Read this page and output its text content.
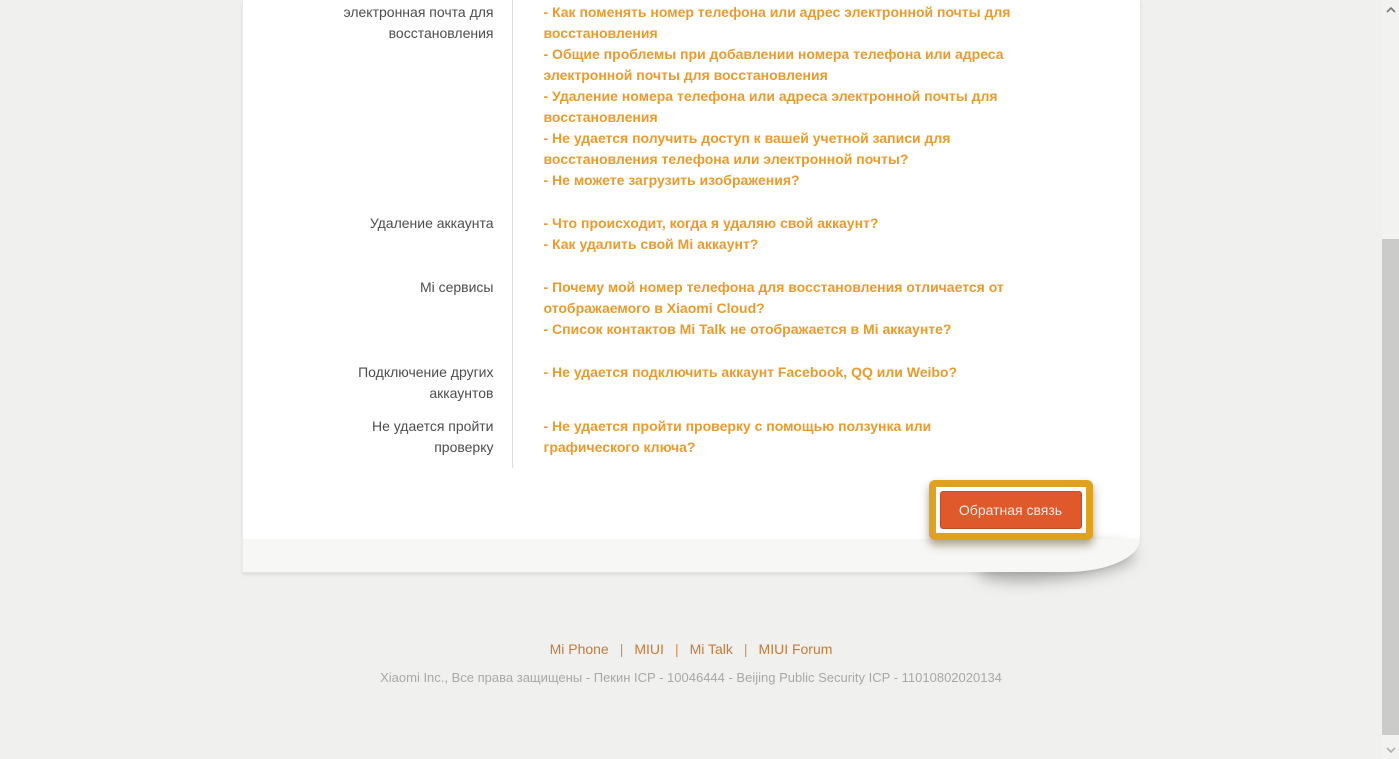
электронная почта для восстановления
- Как поменять номер телефона или адрес электронной почты для восстановления
- Общие проблемы при добавлении номера телефона или адреса электронной почты для восстановления
- Удаление номера телефона или адреса электронной почты для восстановления
- Не удается получить доступ к вашей учетной записи для восстановления телефона или электронной почты?
- Не можете загрузить изображения?
Удаление аккаунта	- Что происходит, когда я удаляю свой аккаунт?
- Как удалить свой Mi аккаунт?
Mi сервисы	- Почему мой номер телефона для восстановления отличается от отображаемого в Xiaomi Cloud?
- Список контактов Mi Talk не отображается в Mi аккаунте?
Подключение других аккаунтов
- Не удается подключить аккаунт Facebook, QQ или Weibo?
Не удается пройти проверку
- Не удается пройти проверку с помощью ползунка или графического ключа?
Обратная связь
Mi Phone | MIUI | Mi Talk | MIUI Forum
Xiaomi Inc., Все права защищены - Пекин ICP - 10046444 - Beijing Public Security ICP - 11010802020134
